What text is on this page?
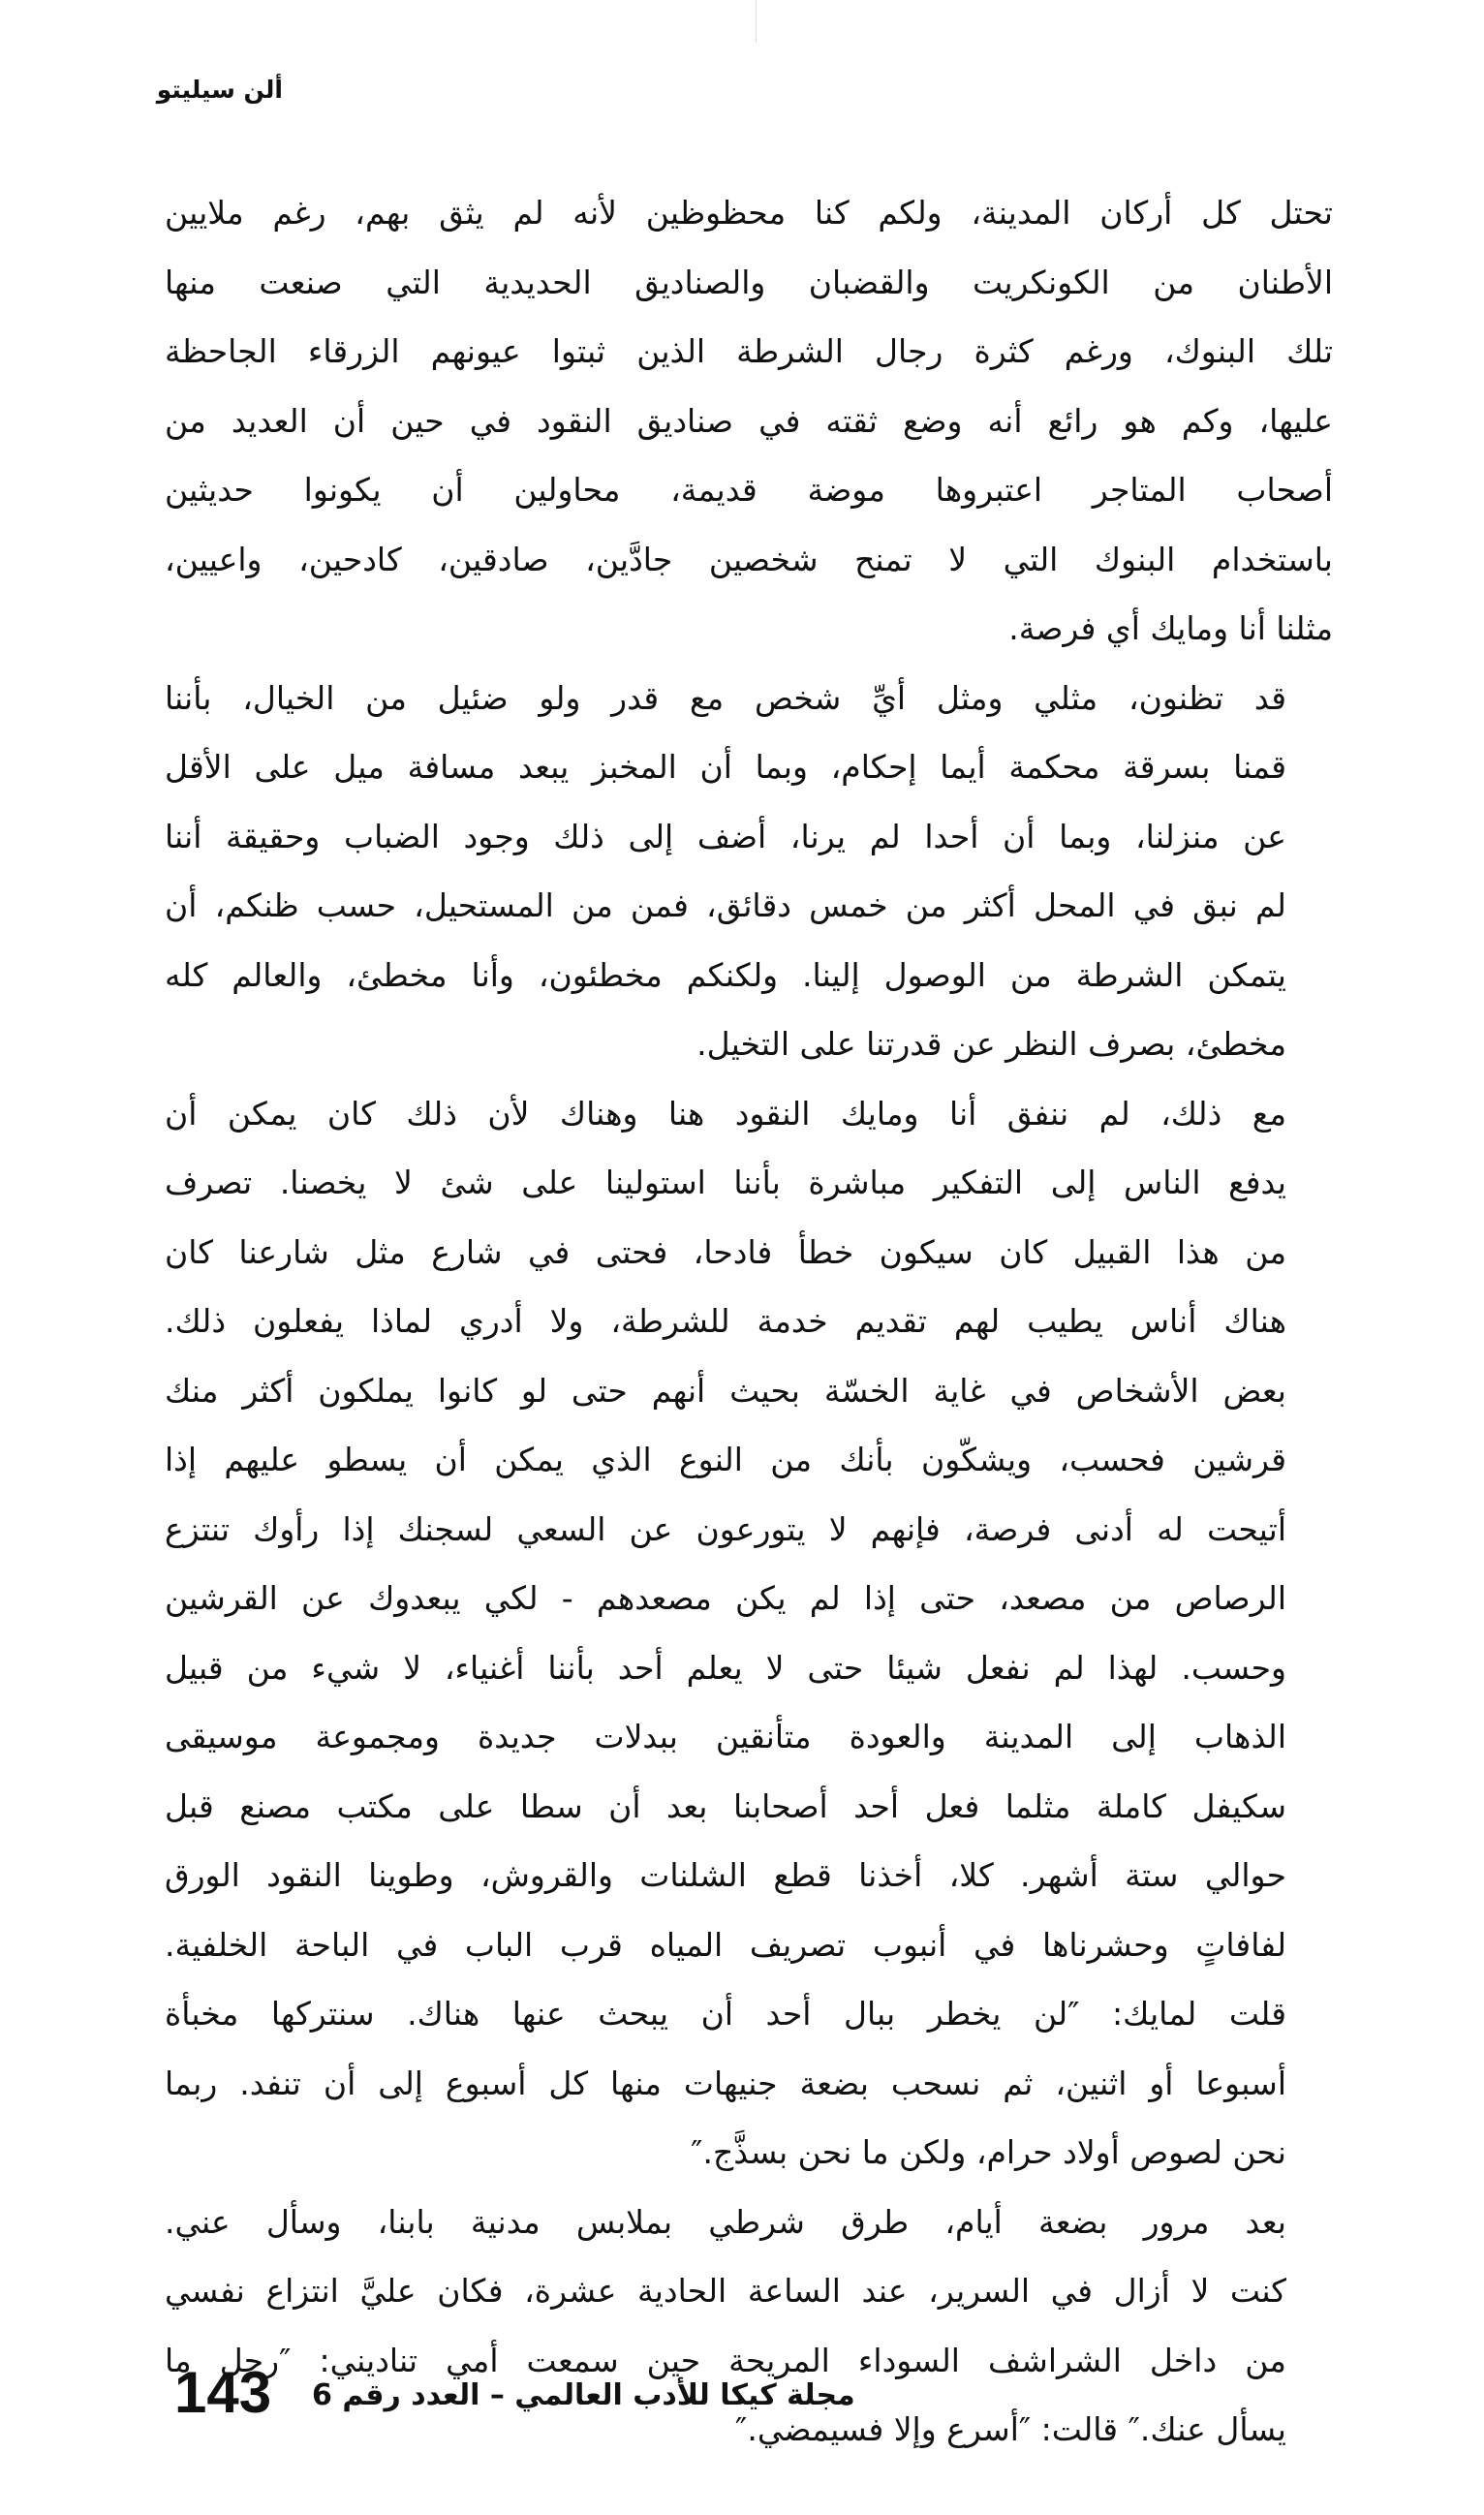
ألن سيليتو

تحتل كل أركان المدينة، ولكم كنا محظوظين لأنه لم يثق بهم، رغم ملايين
الأطنان من الكونكريت والقضبان والصناديق الحديدية التي صنعت منها
تلك البنوك، ورغم كثرة رجال الشرطة الذين ثبتوا عيونهم الزرقاء الجاحظة
عليها، وكم هو رائع أنه وضع ثقته في صناديق النقود في حين أن العديد من
أصحاب المتاجر اعتبروها موضة قديمة، محاولين أن يكونوا حديثين
باستخدام البنوك التي لا تمنح شخصين جادَّين، صادقين، كادحين، واعيين،
مثلنا أنا ومايك أي فرصة.

قد تظنون، مثلي ومثل أيِّ شخص مع قدر ولو ضئيل من الخيال، بأننا
قمنا بسرقة محكمة أيما إحكام، وبما أن المخبز يبعد مسافة ميل على الأقل
عن منزلنا، وبما أن أحدا لم يرنا، أضف إلى ذلك وجود الضباب وحقيقة أننا
لم نبق في المحل أكثر من خمس دقائق، فمن من المستحيل، حسب ظنكم، أن
يتمكن الشرطة من الوصول إلينا. ولكنكم مخطئون، وأنا مخطئ، والعالم كله
مخطئ، بصرف النظر عن قدرتنا على التخيل.

مع ذلك، لم ننفق أنا ومايك النقود هنا وهناك لأن ذلك كان يمكن أن
يدفع الناس إلى التفكير مباشرة بأننا استولينا على شئ لا يخصنا. تصرف
من هذا القبيل كان سيكون خطأ فادحا، فحتى في شارع مثل شارعنا كان
هناك أناس يطيب لهم تقديم خدمة للشرطة، ولا أدري لماذا يفعلون ذلك.
بعض الأشخاص في غاية الخسّة بحيث أنهم حتى لو كانوا يملكون أكثر منك
قرشين فحسب، ويشكّون بأنك من النوع الذي يمكن أن يسطو عليهم إذا
أتيحت له أدنى فرصة، فإنهم لا يتورعون عن السعي لسجنك إذا رأوك تنتزع
الرصاص من مصعد، حتى إذا لم يكن مصعدهم - لكي يبعدوك عن القرشين
وحسب. لهذا لم نفعل شيئا حتى لا يعلم أحد بأننا أغنياء، لا شيء من قبيل
الذهاب إلى المدينة والعودة متأنقين ببدلات جديدة ومجموعة موسيقى
سكيفل كاملة مثلما فعل أحد أصحابنا بعد أن سطا على مكتب مصنع قبل
حوالي ستة أشهر. كلا، أخذنا قطع الشلنات والقروش، وطوينا النقود الورق
لفافاتٍ وحشرناها في أنبوب تصريف المياه قرب الباب في الباحة الخلفية.
قلت لمايك: ″لن يخطر ببال أحد أن يبحث عنها هناك. سنتركها مخبأة
أسبوعا أو اثنين، ثم نسحب بضعة جنيهات منها كل أسبوع إلى أن تنفد. ربما
نحن لصوص أولاد حرام، ولكن ما نحن بسذَّج.″

بعد مرور بضعة أيام، طرق شرطي بملابس مدنية بابنا، وسأل عني.
كنت لا أزال في السرير، عند الساعة الحادية عشرة، فكان عليَّ انتزاع نفسي
من داخل الشراشف السوداء المريحة حين سمعت أمي تناديني: ″رجل ما
يسأل عنك.″ قالت: ″أسرع وإلا فسيمضي.″

143 مجلة كيكا للأدب العالمي – العدد رقم 6
